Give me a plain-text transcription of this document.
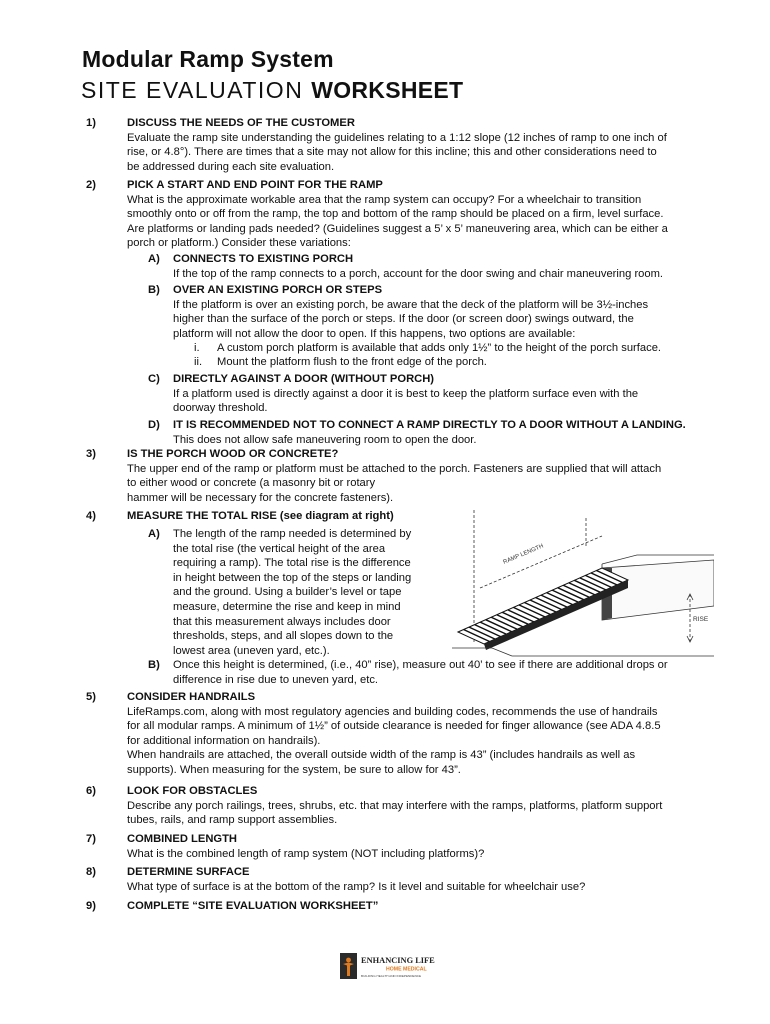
Modular Ramp System
SITE EVALUATION WORKSHEET
1)	DISCUSS THE NEEDS OF THE CUSTOMER
Evaluate the ramp site understanding the guidelines relating to a 1:12 slope (12 inches of ramp to one inch of
rise, or 4.8°). There are times that a site may not allow for this incline; this and other considerations need to
be addressed during each site evaluation.
2)	PICK A START AND END POINT FOR THE RAMP
What is the approximate workable area that the ramp system can occupy? For a wheelchair to transition
smoothly onto or off from the ramp, the top and bottom of the ramp should be placed on a firm, level surface.
Are platforms or landing pads needed? (Guidelines suggest a 5’ x 5’ maneuvering area, which can be either a
porch or platform.) Consider these variations:
A)	CONNECTS TO EXISTING PORCH
If the top of the ramp connects to a porch, account for the door swing and chair maneuvering room.
B)	OVER AN EXISTING PORCH OR STEPS
If the platform is over an existing porch, be aware that the deck of the platform will be 3½-inches
higher than the surface of the porch or steps. If the door (or screen door) swings outward, the
platform will not allow the door to open. If this happens, two options are available:
i. A custom porch platform is available that adds only 1½” to the height of the porch surface.
ii. Mount the platform flush to the front edge of the porch.
C)	DIRECTLY AGAINST A DOOR (WITHOUT PORCH)
If a platform used is directly against a door it is best to keep the platform surface even with the
doorway threshold.
D)	IT IS RECOMMENDED NOT TO CONNECT A RAMP DIRECTLY TO A DOOR WITHOUT A LANDING.
This does not allow safe maneuvering room to open the door.
3)	IS THE PORCH WOOD OR CONCRETE?
The upper end of the ramp or platform must be attached to the porch. Fasteners are supplied that will attach
to either wood or concrete (a masonry bit or rotary
hammer will be necessary for the concrete fasteners).
4)	MEASURE THE TOTAL RISE (see diagram at right)
A)	The length of the ramp needed is determined by
the total rise (the vertical height of the area
requiring a ramp). The total rise is the difference
in height between the top of the steps or landing
and the ground. Using a builder’s level or tape
measure, determine the rise and keep in mind
that this measurement always includes door
thresholds, steps, and all slopes down to the
lowest area (uneven yard, etc.).
B)	Once this height is determined, (i.e., 40” rise), measure out 40’ to see if there are additional drops or
difference in rise due to uneven yard, etc.
RAMP LENGTH
RISE
5)	CONSIDER HANDRAILS
LifeRamps.com, along with most regulatory agencies and building codes, recommends the use of handrails
for all modular ramps. A minimum of 1½” of outside clearance is needed for finger allowance (see ADA 4.8.5
for additional information on handrails).
When handrails are attached, the overall outside width of the ramp is 43” (includes handrails as well as
supports). When measuring for the system, be sure to allow for 43”.
6)	LOOK FOR OBSTACLES
Describe any porch railings, trees, shrubs, etc. that may interfere with the ramps, platforms, platform support
tubes, rails, and ramp support assemblies.
7)	COMBINED LENGTH
What is the combined length of ramp system (NOT including platforms)?
8)	DETERMINE SURFACE
What type of surface is at the bottom of the ramp? Is it level and suitable for wheelchair use?
9)	COMPLETE “SITE EVALUATION WORKSHEET”
ENHANCING LIFE
HOME MEDICAL
BUILDING HEALTH AND INDEPENDENCE
